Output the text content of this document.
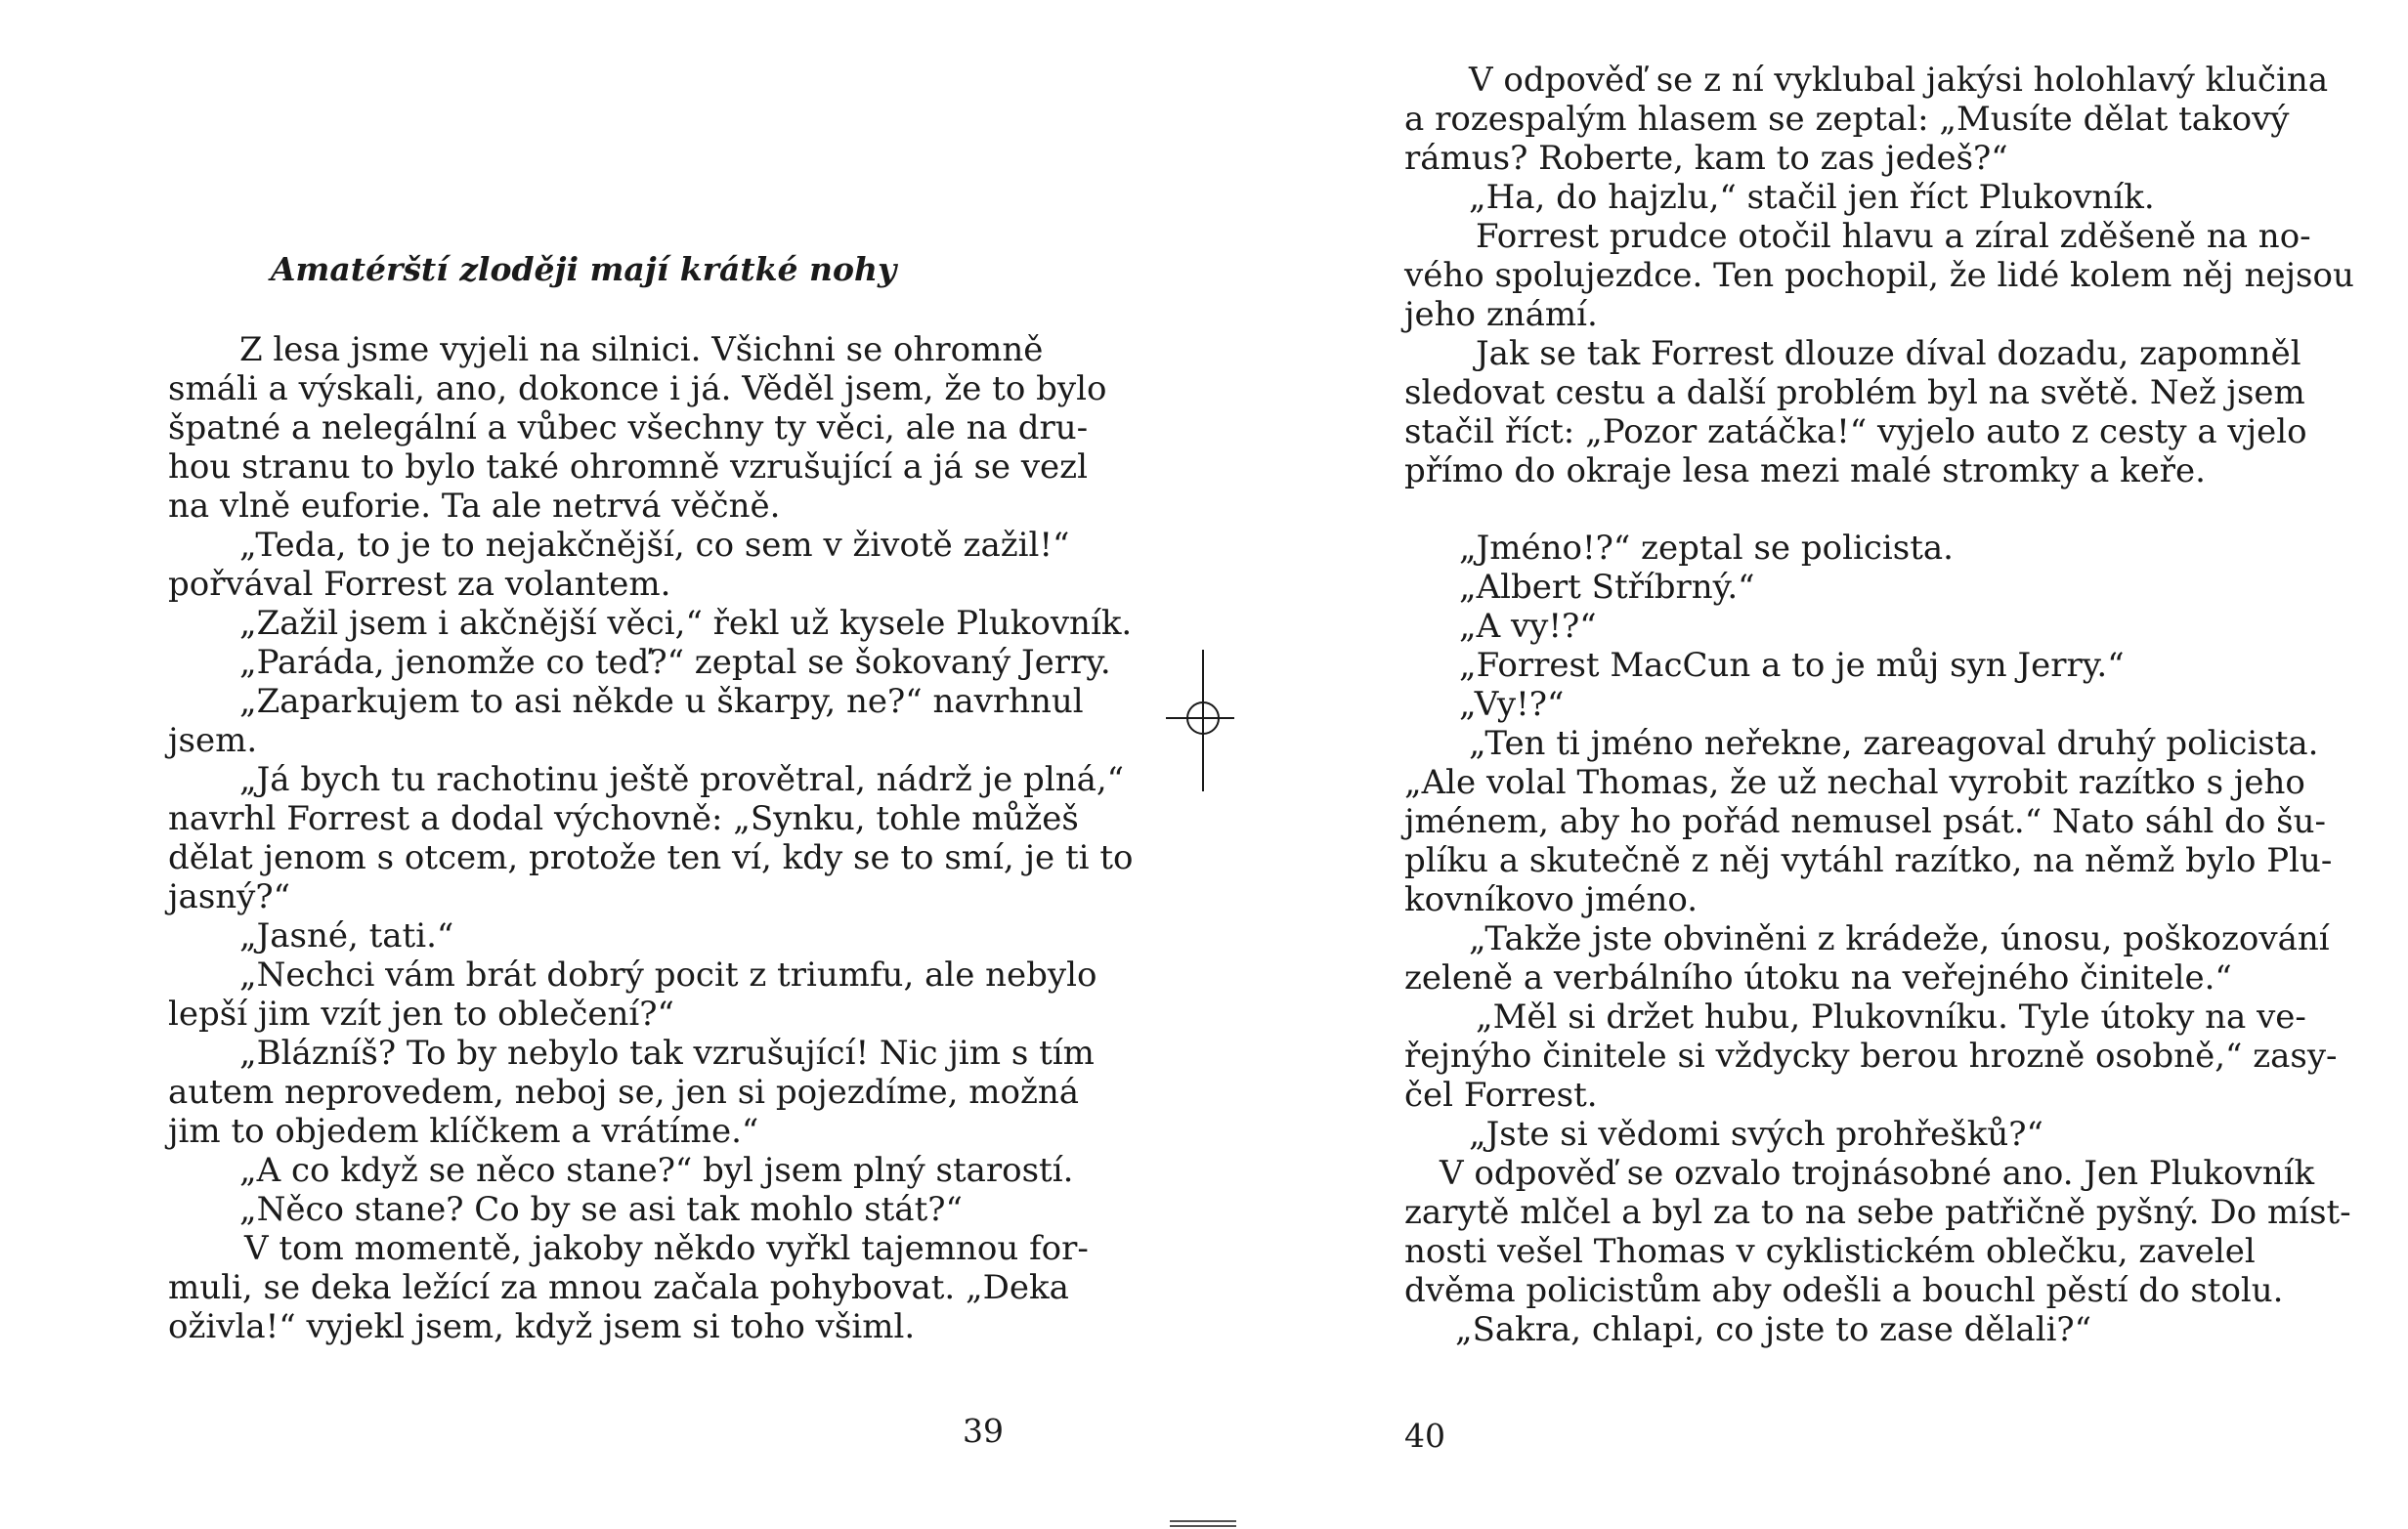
Amatérští zloději mají krátké nohy
Z lesa jsme vyjeli na silnici. Všichni se ohromně
smáli a výskali, ano, dokonce i já. Věděl jsem, že to bylo
špatné a nelegální a vůbec všechny ty věci, ale na dru-
hou stranu to bylo také ohromně vzrušující a já se vezl
na vlně euforie. Ta ale netrvá věčně.
„Teda, to je to nejakčnější, co sem v životě zažil!“
pořvával Forrest za volantem.
„Zažil jsem i akčnější věci,“ řekl už kysele Plukovník.
„Paráda, jenomže co teď?“ zeptal se šokovaný Jerry.
„Zaparkujem to asi někde u škarpy, ne?“ navrhnul
jsem.
„Já bych tu rachotinu ještě provětral, nádrž je plná,“
navrhl Forrest a dodal výchovně: „Synku, tohle můžeš
dělat jenom s otcem, protože ten ví, kdy se to smí, je ti to
jasný?“
„Jasné, tati.“
„Nechci vám brát dobrý pocit z triumfu, ale nebylo
lepší jim vzít jen to oblečení?“
„Blázníš? To by nebylo tak vzrušující! Nic jim s tím
autem neprovedem, neboj se, jen si pojezdíme, možná
jim to objedem klíčkem a vrátíme.“
„A co když se něco stane?“ byl jsem plný starostí.
„Něco stane? Co by se asi tak mohlo stát?“
V tom momentě, jakoby někdo vyřkl tajemnou for-
muli, se deka ležící za mnou začala pohybovat. „Deka
oživla!“ vyjekl jsem, když jsem si toho všiml.
39
V odpověď se z ní vyklubal jakýsi holohlavý klučina
a rozespalým hlasem se zeptal: „Musíte dělat takový
rámus? Roberte, kam to zas jedeš?“
„Ha, do hajzlu,“ stačil jen říct Plukovník.
Forrest prudce otočil hlavu a zíral zděšeně na no-
vého spolujezdce. Ten pochopil, že lidé kolem něj nejsou
jeho známí.
Jak se tak Forrest dlouze díval dozadu, zapomněl
sledovat cestu a další problém byl na světě. Než jsem
stačil říct: „Pozor zatáčka!“ vyjelo auto z cesty a vjelo
přímo do okraje lesa mezi malé stromky a keře.
„Jméno!?“ zeptal se policista.
„Albert Stříbrný.“
„A vy!?“
„Forrest MacCun a to je můj syn Jerry.“
„Vy!?“
„Ten ti jméno neřekne, zareagoval druhý policista.
„Ale volal Thomas, že už nechal vyrobit razítko s jeho
jménem, aby ho pořád nemusel psát.“ Nato sáhl do šu-
plíku a skutečně z něj vytáhl razítko, na němž bylo Plu-
kovníkovo jméno.
„Takže jste obviněni z krádeže, únosu, poškozování
zeleně a verbálního útoku na veřejného činitele.“
„Měl si držet hubu, Plukovníku. Tyle útoky na ve-
řejnýho činitele si vždycky berou hrozně osobně,“ zasy-
čel Forrest.
„Jste si vědomi svých prohřešků?“
V odpověď se ozvalo trojnásobné ano. Jen Plukovník
zarytě mlčel a byl za to na sebe patřičně pyšný. Do míst-
nosti vešel Thomas v cyklistickém oblečku, zavelel
dvěma policistům aby odešli a bouchl pěstí do stolu.
„Sakra, chlapi, co jste to zase dělali?“
40
